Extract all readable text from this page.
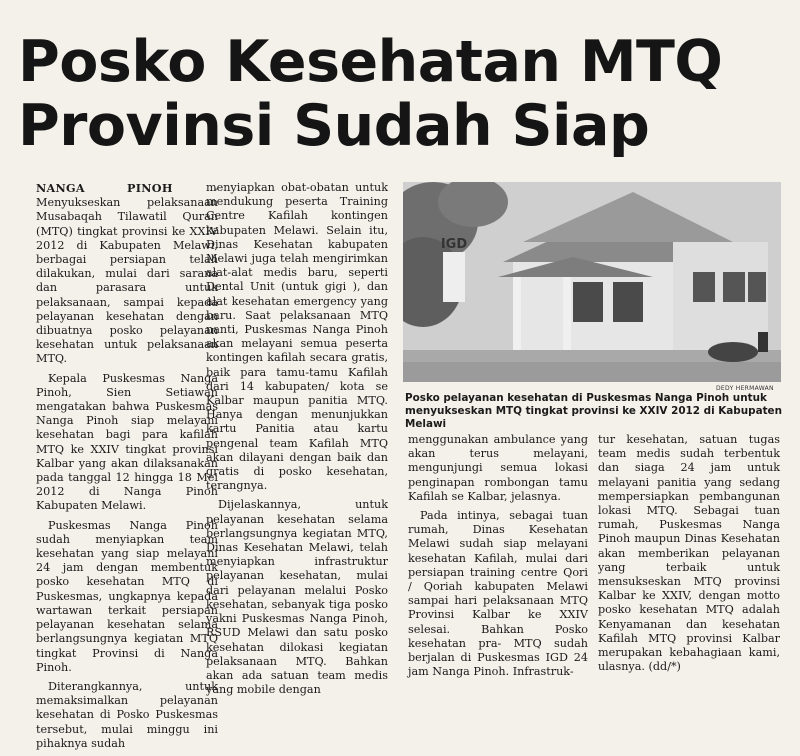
Posko Kesehatan MTQ
Provinsi Sudah Siap

NANGA PINOH - Menyukseskan pelaksanaan Musabaqah Tilawatil Quran (MTQ) tingkat provinsi ke XXIV 2012 di Kabupaten Melawi, berbagai persiapan telah dilakukan, mulai dari sarana dan parasara untuk pelaksanaan, sampai kepada pelayanan kesehatan dengan dibuatnya posko pelayanan kesehatan untuk pelaksanaan MTQ.

Kepala Puskesmas Nanga Pinoh, Sien Setiawan mengatakan bahwa Puskesmas Nanga Pinoh siap melayani kesehatan bagi para kafilah MTQ ke XXIV tingkat provinsi Kalbar yang akan dilaksanakan pada tanggal 12 hingga 18 Mei 2012 di Nanga Pinoh Kabupaten Melawi.

Puskesmas Nanga Pinoh sudah menyiapkan team kesehatan yang siap melayani 24 jam dengan membentuk posko kesehatan MTQ di Puskesmas, ungkapnya kepada wartawan terkait persiapan pelayanan kesehatan selama berlangsungnya kegiatan MTQ tingkat Provinsi di Nanga Pinoh.

Diterangkannya, untuk memaksimalkan pelayanan kesehatan di Posko Puskesmas tersebut, mulai minggu ini pihaknya sudah

menyiapkan obat-obatan untuk mendukung peserta Training Centre Kafilah kontingen kabupaten Melawi. Selain itu, Dinas Kesehatan kabupaten Melawi juga telah mengirimkan alat-alat medis baru, seperti Dental Unit (untuk gigi ), dan alat kesehatan emergency yang baru. Saat pelaksanaan MTQ nanti, Puskesmas Nanga Pinoh akan melayani semua peserta kontingen kafilah secara gratis, baik para tamu-tamu Kafilah dari 14 kabupaten/ kota se Kalbar maupun panitia MTQ. Hanya dengan menunjukkan kartu Panitia atau kartu pengenal team Kafilah MTQ akan dilayani dengan baik dan gratis di posko kesehatan, terangnya.

Dijelaskannya, untuk pelayanan kesehatan selama berlangsungnya kegiatan MTQ, Dinas Kesehatan Melawi, telah menyiapkan infrastruktur pelayanan kesehatan, mulai dari pelayanan melalui Posko kesehatan, sebanyak tiga posko yakni Puskesmas Nanga Pinoh, RSUD Melawi dan satu posko kesehatan dilokasi kegiatan pelaksanaan MTQ. Bahkan akan ada satuan team medis yang mobile dengan

IGD
DEDY HERMAWAN
Posko pelayanan kesehatan di Puskesmas Nanga Pinoh untuk menyukseskan MTQ tingkat provinsi ke XXIV 2012 di Kabupaten Melawi

menggunakan ambulance yang akan terus melayani, mengunjungi semua lokasi penginapan rombongan tamu Kafilah se Kalbar, jelasnya.

Pada intinya, sebagai tuan rumah, Dinas Kesehatan Melawi sudah siap melayani kesehatan Kafilah, mulai dari persiapan training centre Qori / Qoriah kabupaten Melawi sampai hari pelaksanaan MTQ Provinsi Kalbar ke XXIV selesai. Bahkan Posko kesehatan pra- MTQ sudah berjalan di Puskesmas IGD 24 jam Nanga Pinoh. Infrastruk-

tur kesehatan, satuan tugas team medis sudah terbentuk dan siaga 24 jam untuk melayani panitia yang sedang mempersiapkan pembangunan lokasi MTQ. Sebagai tuan rumah, Puskesmas Nanga Pinoh maupun Dinas Kesehatan akan memberikan pelayanan yang terbaik untuk mensukseskan MTQ provinsi Kalbar ke XXIV, dengan motto posko kesehatan MTQ adalah Kenyamanan dan kesehatan Kafilah MTQ provinsi Kalbar merupakan kebahagiaan kami, ulasnya. (dd/*)
